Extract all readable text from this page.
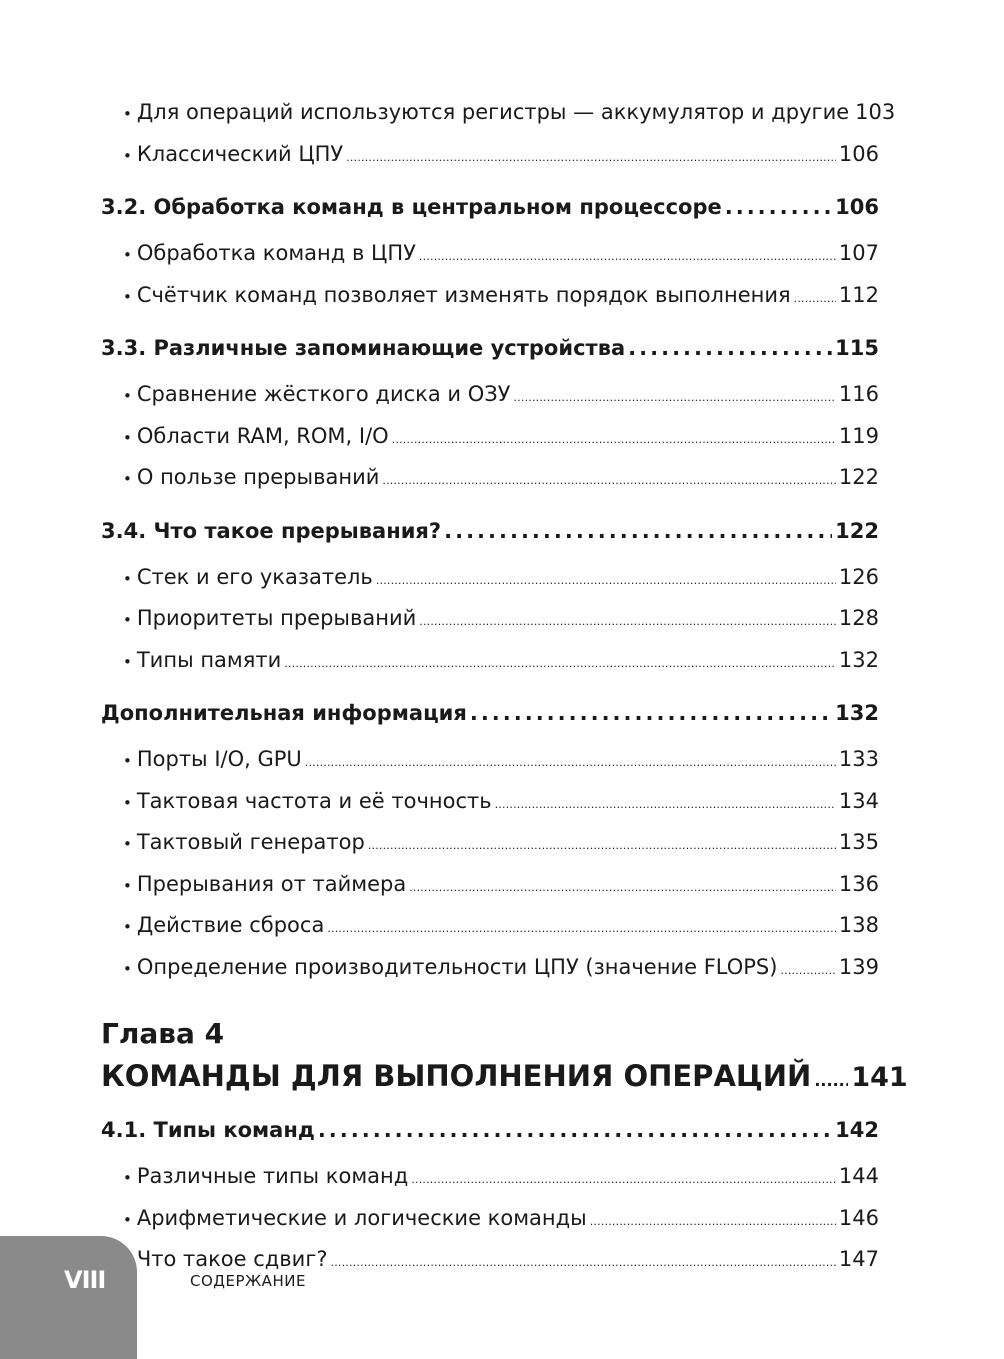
• Для операций используются регистры — аккумулятор и другие 103
• Классический ЦПУ .....	106
3.2. Обработка команд в центральном процессоре .....	106
• Обработка команд в ЦПУ .....	107
• Счётчик команд позволяет изменять порядок выполнения ..... 112
3.3. Различные запоминающие устройства .....	115
• Сравнение жёсткого диска и ОЗУ .....	116
• Области RAM, ROM, I/O .....	119
• О пользе прерываний .....	122
3.4. Что такое прерывания? .....	122
• Стек и его указатель .....	126
• Приоритеты прерываний .....	128
• Типы памяти .....	132
Дополнительная информация .....	132
• Порты I/O, GPU .....	133
• Тактовая частота и её точность .....	134
• Тактовый генератор .....	135
• Прерывания от таймера .....	136
• Действие сброса .....	138
• Определение производительности ЦПУ (значение FLOPS) .....	139
Глава 4
КОМАНДЫ ДЛЯ ВЫПОЛНЕНИЯ ОПЕРАЦИЙ ..... 141
4.1. Типы команд .....	142
• Различные типы команд .....	144
• Арифметические и логические команды .....	146
Что такое сдвиг? .....	147
VIII	СОДЕРЖАНИЕ
